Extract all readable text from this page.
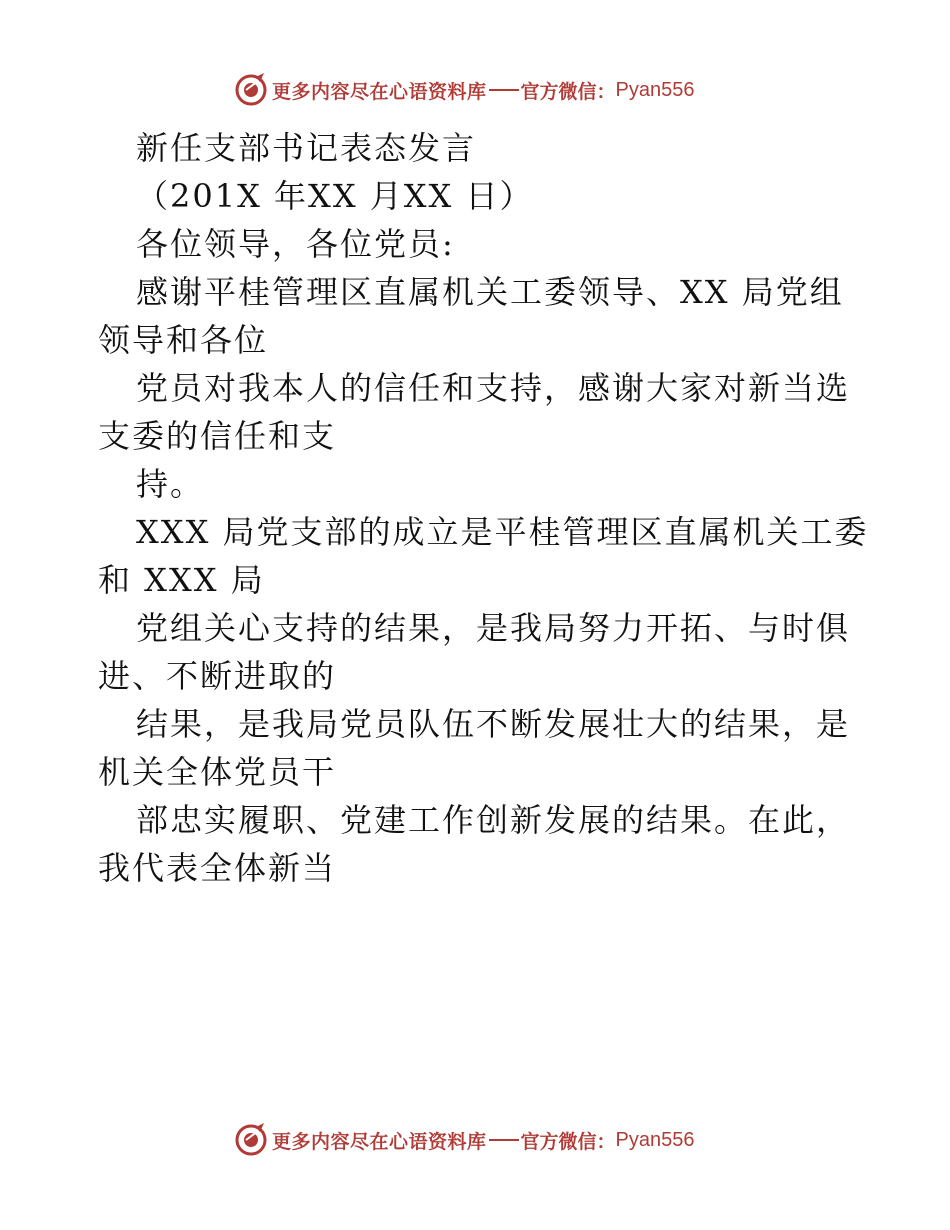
更多内容尽在心语资料库 官方微信： Pyan556
新任支部书记表态发言
（201X 年XX 月XX 日）
各位领导，各位党员:
感谢平桂管理区直属机关工委领导、XX 局党组
领导和各位
党员对我本人的信任和支持，感谢大家对新当选
支委的信任和支
持。
XXX 局党支部的成立是平桂管理区直属机关工委
和 XXX 局
党组关心支持的结果，是我局努力开拓、与时俱
进、不断进取的
结果，是我局党员队伍不断发展壮大的结果，是
机关全体党员干
部忠实履职、党建工作创新发展的结果。在此，
我代表全体新当
更多内容尽在心语资料库 官方微信： Pyan556
